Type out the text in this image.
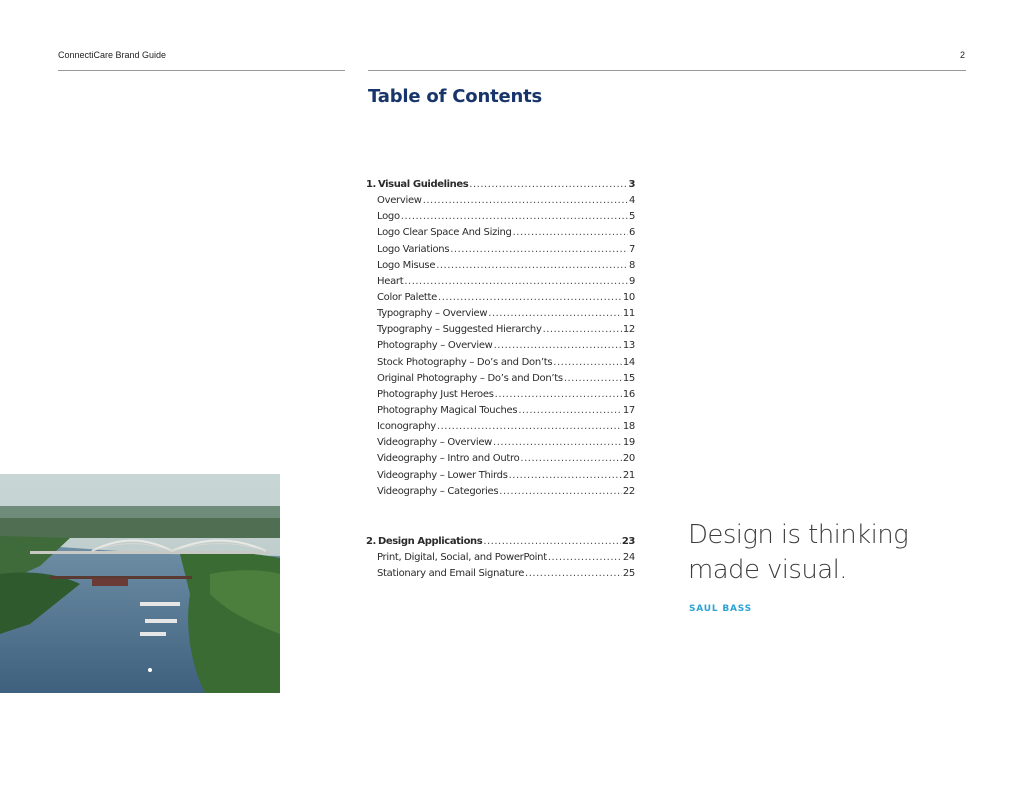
ConnectiCare Brand Guide	2
Table of Contents
1. Visual Guidelines .....	3
Overview .....	4
Logo .....	5
Logo Clear Space And Sizing .....	6
Logo Variations .....	7
Logo Misuse .....	8
Heart .....	9
Color Palette .....	10
Typography – Overview .....	11
Typography – Suggested Hierarchy .....	12
Photography – Overview .....	13
Stock Photography – Do’s and Don’ts .....	14
Original Photography – Do’s and Don’ts .....	15
Photography Just Heroes .....	16
Photography Magical Touches .....	17
Iconography .....	18
Videography – Overview .....	19
Videography – Intro and Outro .....	20
Videography – Lower Thirds .....	21
Videography – Categories .....	22
2. Design Applications .....	23
Print, Digital, Social, and PowerPoint .....	24
Stationary and Email Signature .....	25
Design is thinking
made visual.
SAUL BASS
